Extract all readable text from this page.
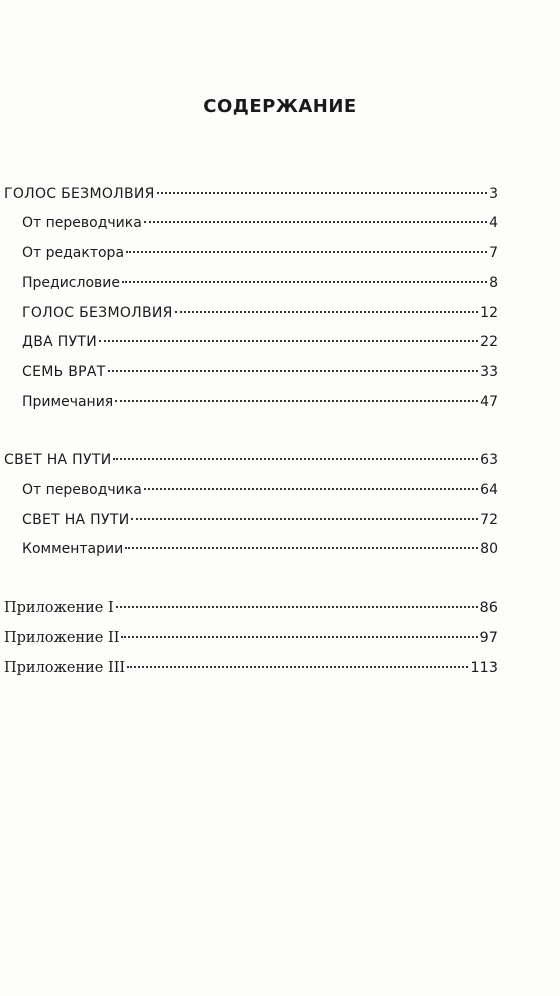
СОДЕРЖАНИЕ
ГОЛОС БЕЗМОЛВИЯ	3
От переводчика	4
От редактора	7
Предисловие	8
ГОЛОС БЕЗМОЛВИЯ	12
ДВА ПУТИ	22
СЕМЬ ВРАТ	33
Примечания	47
СВЕТ НА ПУТИ	63
От переводчика	64
СВЕТ НА ПУТИ	72
Комментарии	80
Приложение I	86
Приложение II	97
Приложение III	113
